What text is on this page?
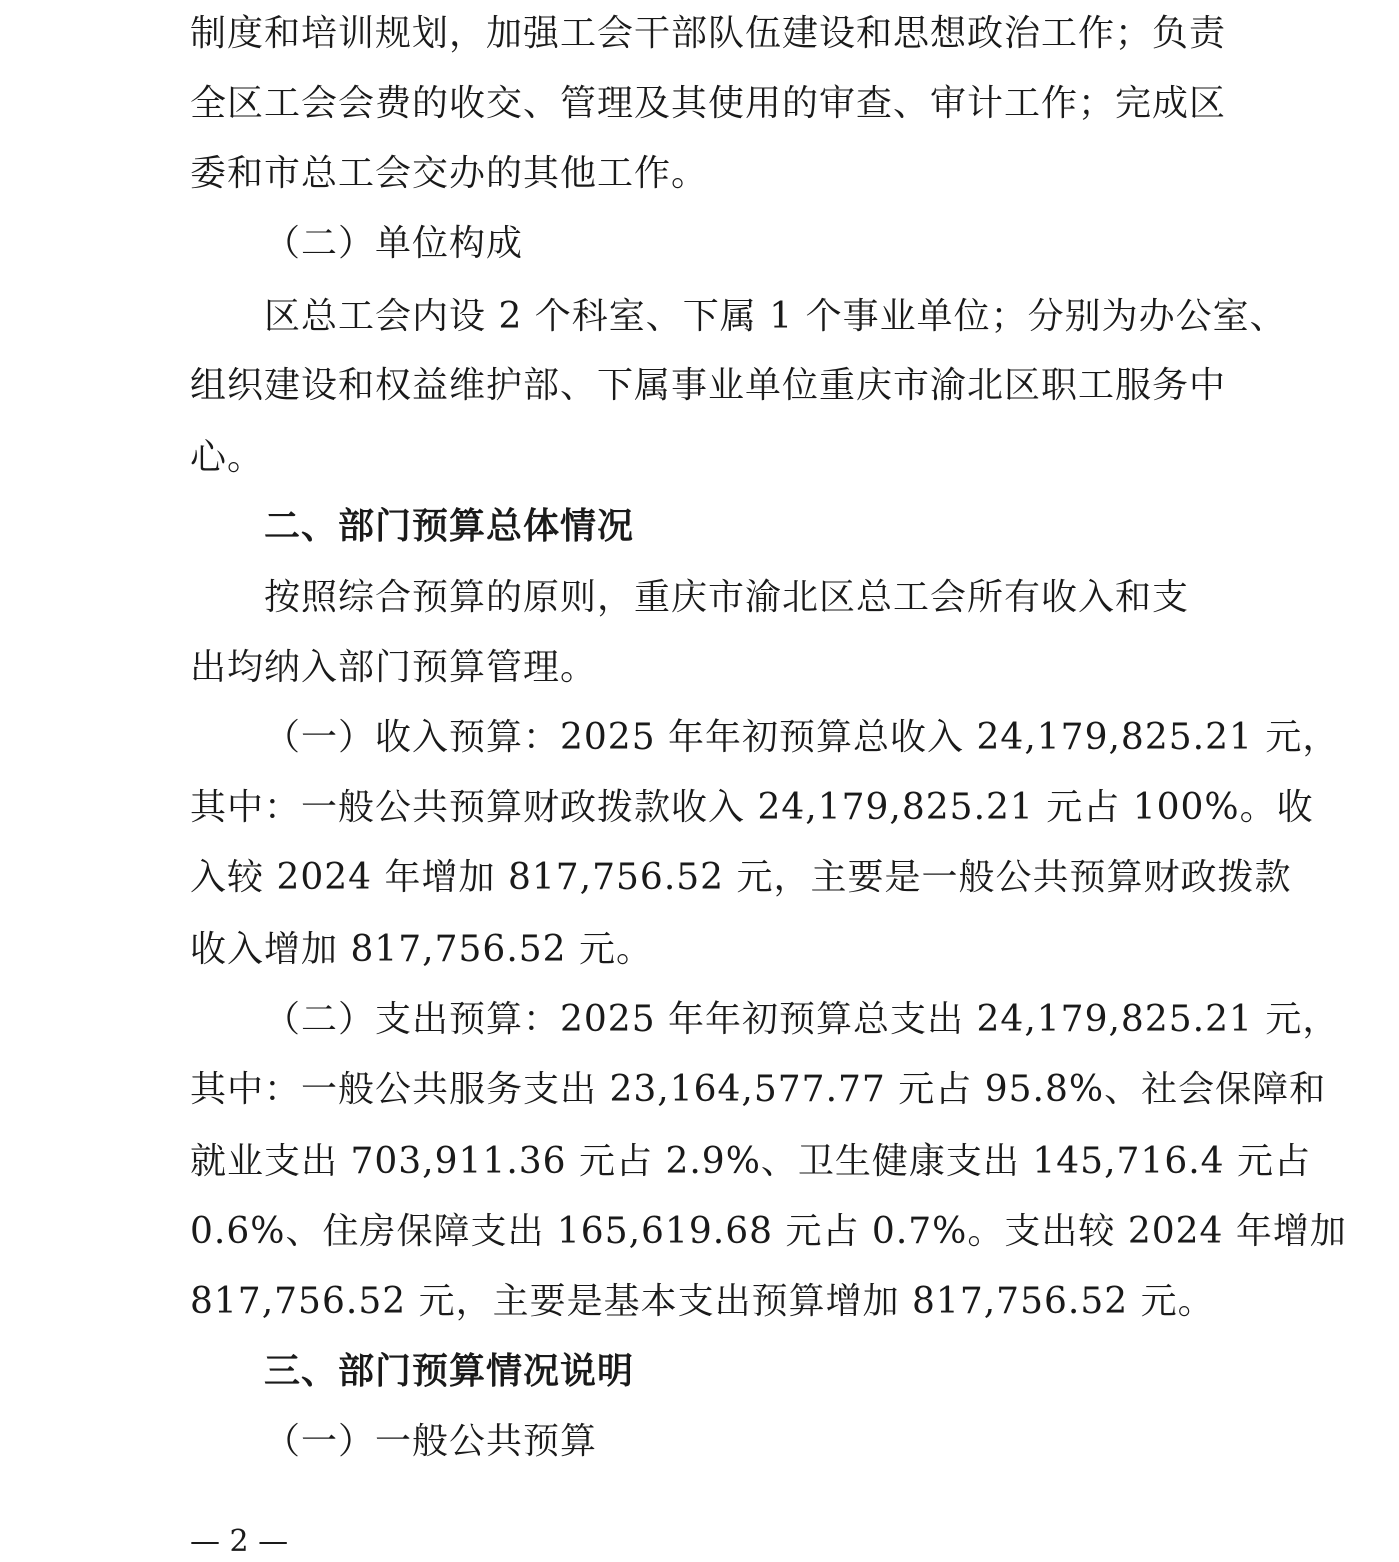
制度和培训规划，加强工会干部队伍建设和思想政治工作；负责
全区工会会费的收交、管理及其使用的审查、审计工作；完成区
委和市总工会交办的其他工作。
（二）单位构成
区总工会内设 2 个科室、下属 1 个事业单位；分别为办公室、
组织建设和权益维护部、下属事业单位重庆市渝北区职工服务中
心。
二、部门预算总体情况
按照综合预算的原则，重庆市渝北区总工会所有收入和支
出均纳入部门预算管理。
（一）收入预算：2025 年年初预算总收入 24,179,825.21 元，
其中：一般公共预算财政拨款收入 24,179,825.21 元占 100%。收
入较 2024 年增加 817,756.52 元，主要是一般公共预算财政拨款
收入增加 817,756.52 元。
（二）支出预算：2025 年年初预算总支出 24,179,825.21 元，
其中：一般公共服务支出 23,164,577.77 元占 95.8%、社会保障和
就业支出 703,911.36 元占 2.9%、卫生健康支出 145,716.4 元占
0.6%、住房保障支出 165,619.68 元占 0.7%。支出较 2024 年增加
817,756.52 元，主要是基本支出预算增加 817,756.52 元。
三、部门预算情况说明
（一）一般公共预算
— 2 —
